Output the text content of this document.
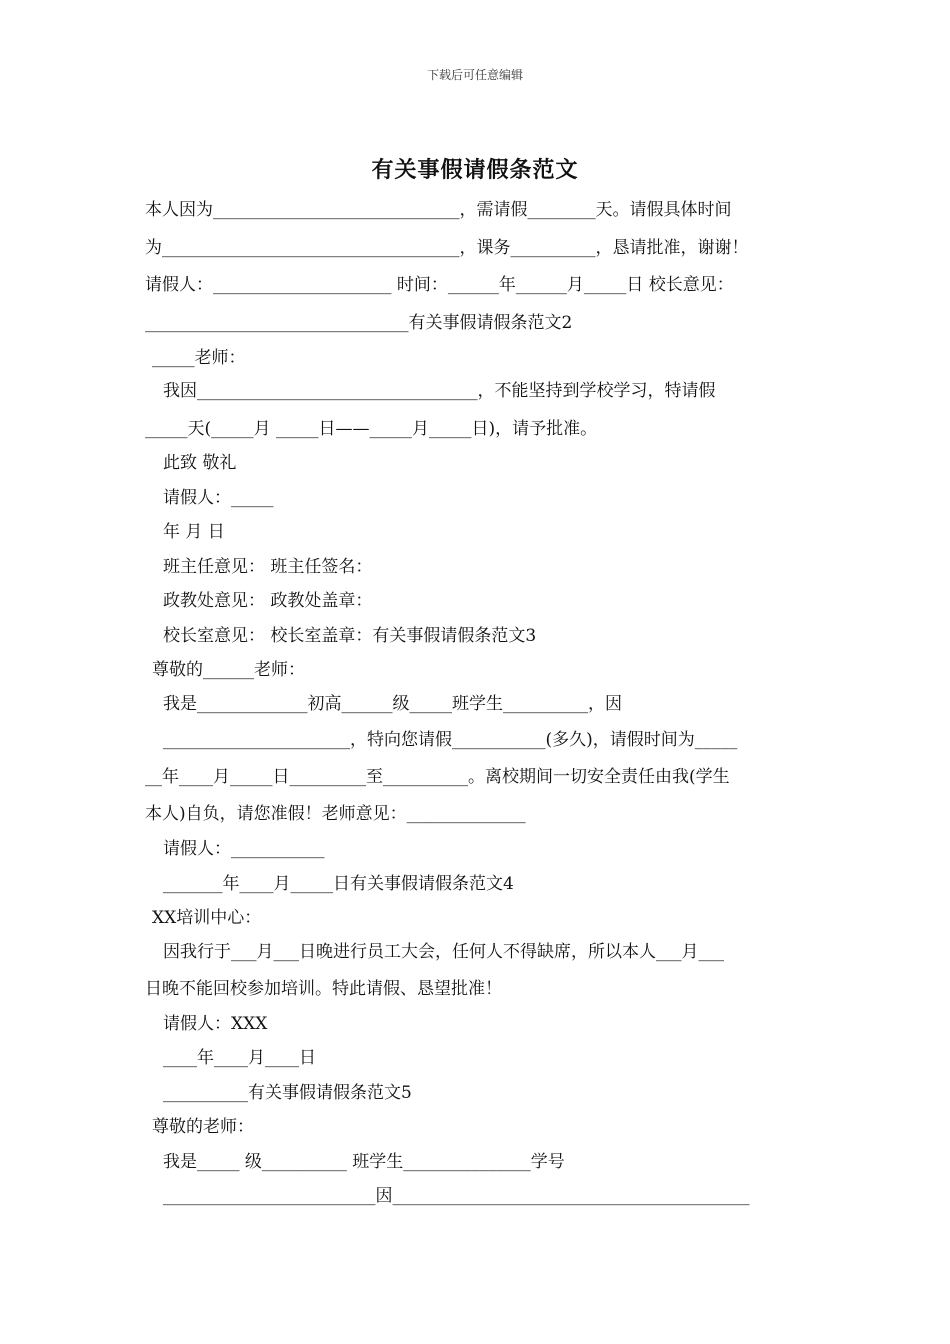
下载后可任意编辑
有关事假请假条范文
本人因为_____________________________，需请假________天。请假具体时间
为___________________________________，课务__________，恳请批准，谢谢！
请假人：_____________________ 时间：______年______月_____日 校长意见：
_______________________________有关事假请假条范文2
_____老师：
我因_________________________________，不能坚持到学校学习，特请假
_____天(_____月 _____日——_____月_____日)，请予批准。
此致 敬礼
请假人：_____
年 月 日
班主任意见： 班主任签名：
政教处意见： 政教处盖章：
校长室意见： 校长室盖章：有关事假请假条范文3
尊敬的______老师：
我是_____________初高______级_____班学生__________，因
______________________，特向您请假___________(多久)，请假时间为_____
__年____月_____日_________至__________。离校期间一切安全责任由我(学生
本人)自负，请您准假！老师意见：______________
请假人：___________
_______年____月_____日有关事假请假条范文4
XX培训中心：
因我行于___月___日晚进行员工大会，任何人不得缺席，所以本人___月___
日晚不能回校参加培训。特此请假、恳望批准！
请假人：XXX
____年____月____日
__________有关事假请假条范文5
尊敬的老师：
我是_____ 级__________ 班学生_______________学号
_________________________因__________________________________________
